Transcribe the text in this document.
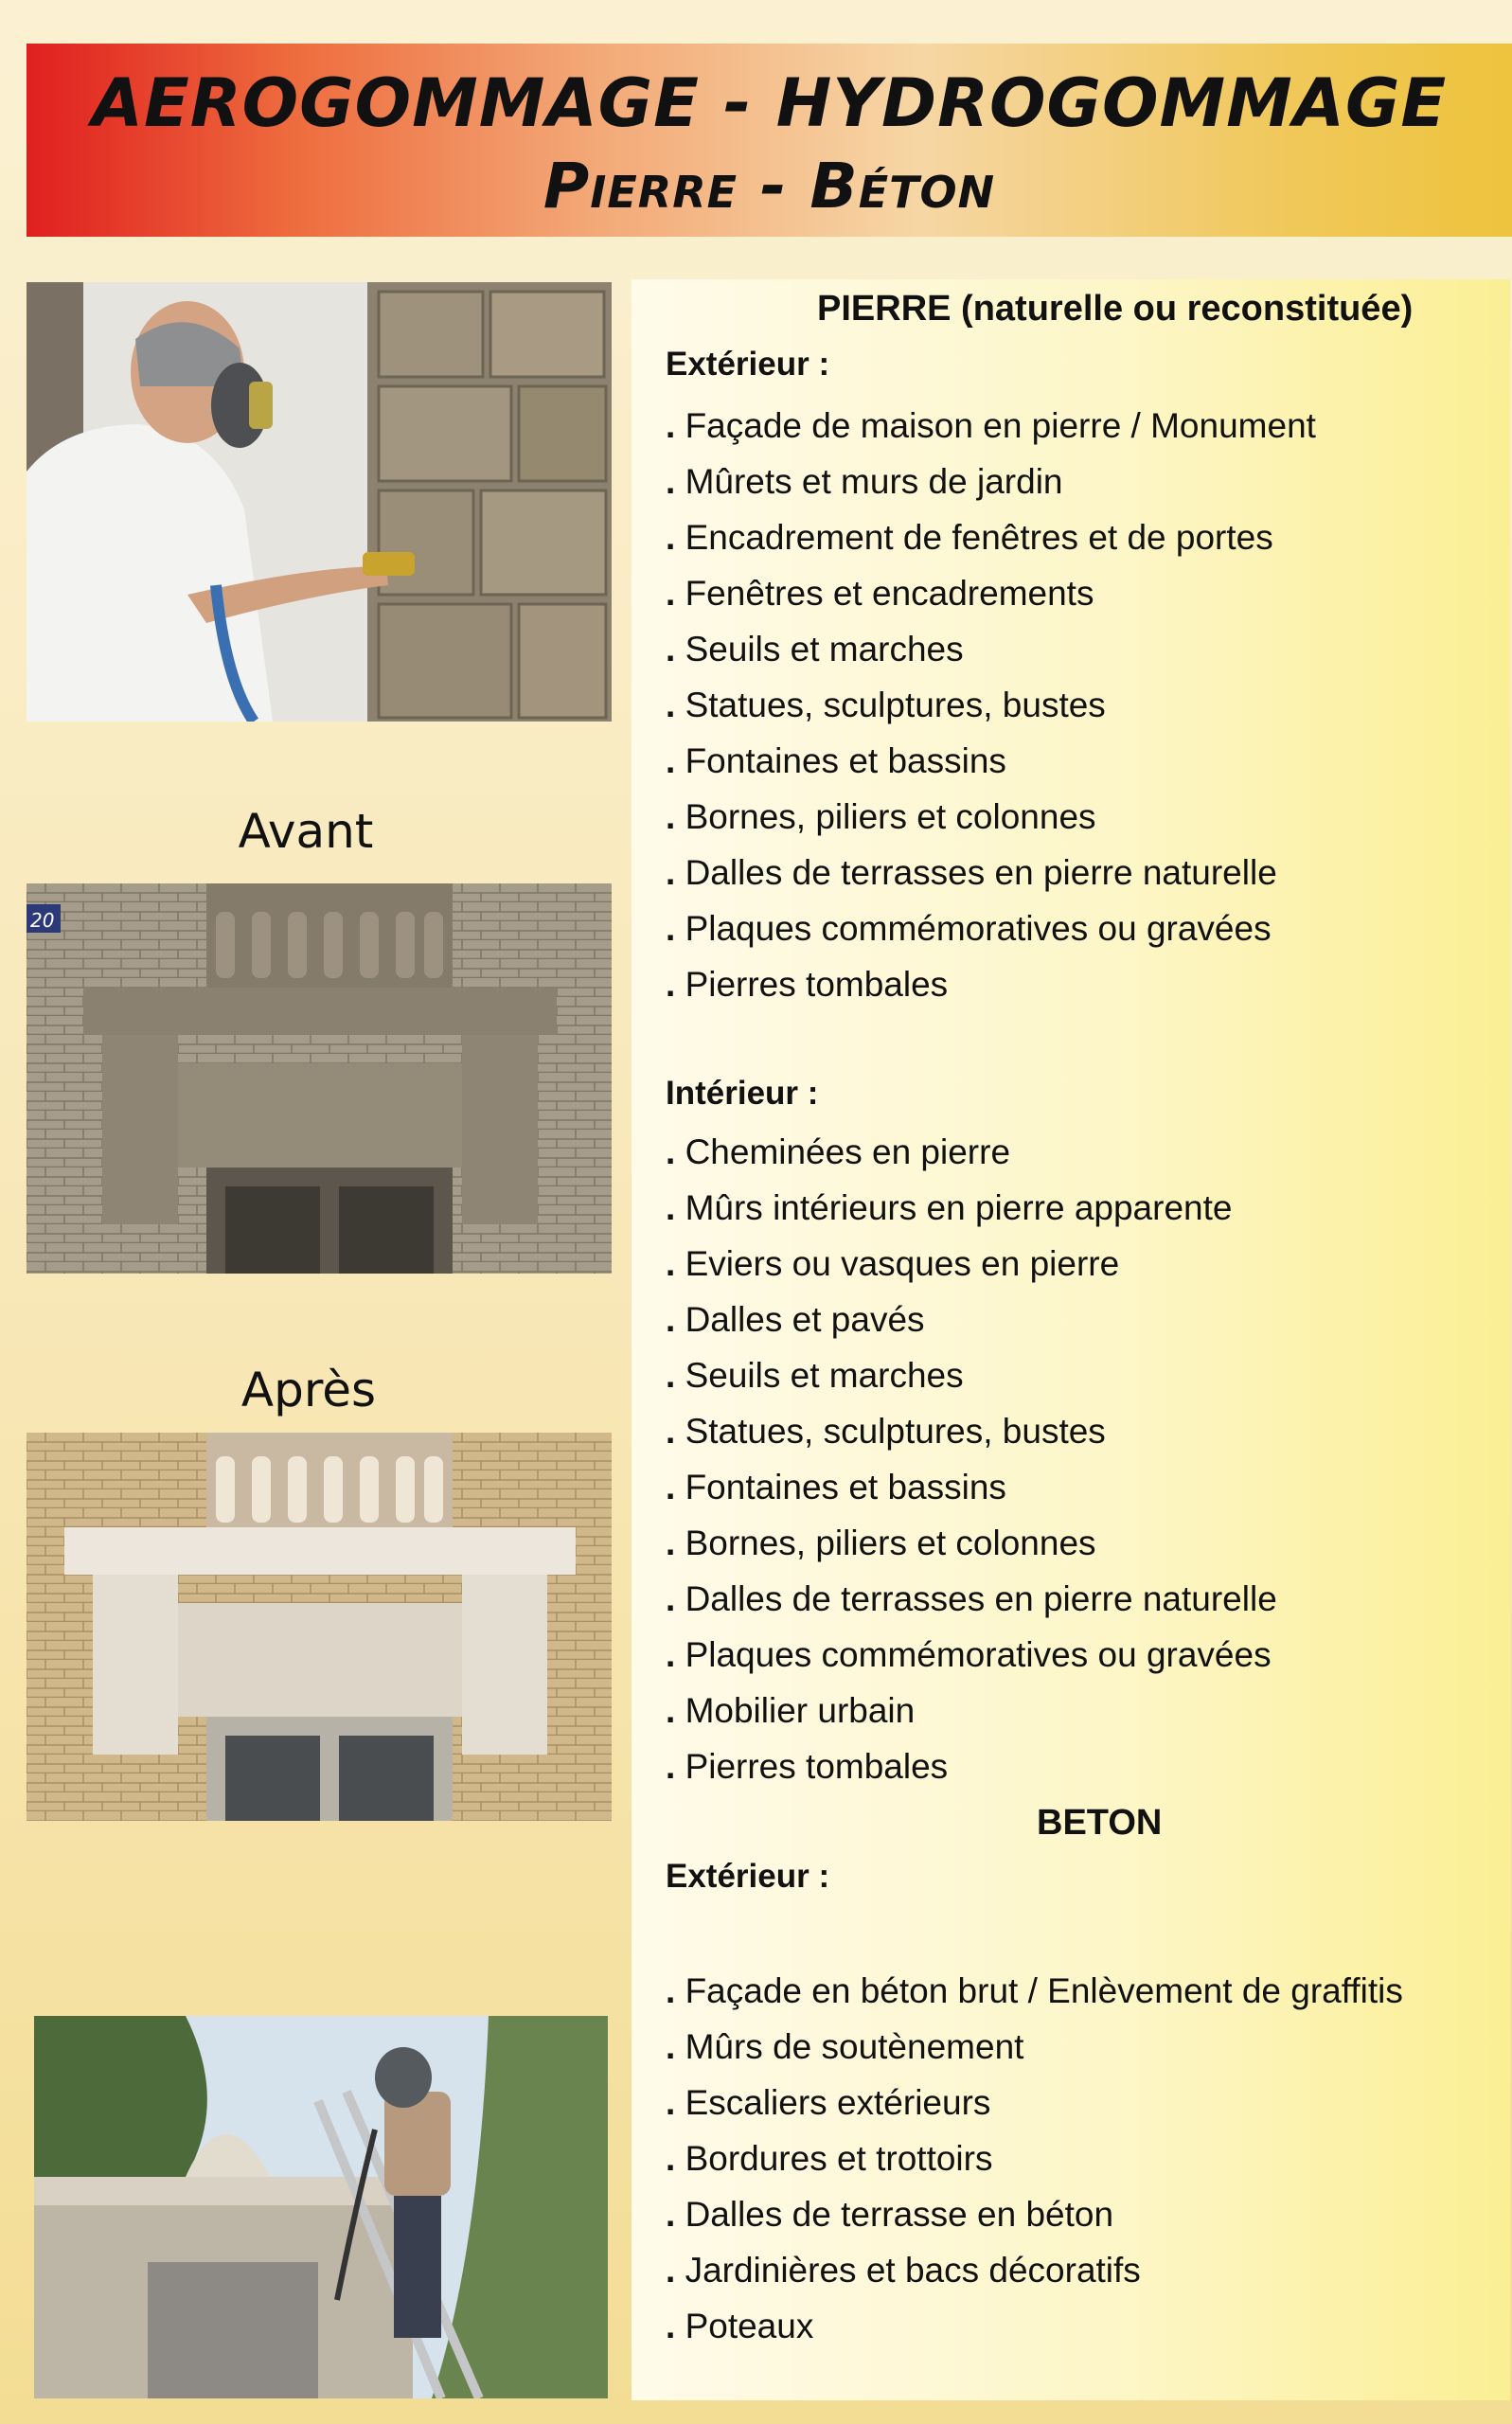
AEROGOMMAGE - HYDROGOMMAGE
Pierre - Béton
Avant
20
Après
PIERRE (naturelle ou reconstituée)
Extérieur :
. Façade de maison en pierre / Monument
. Mûrets et murs de jardin
. Encadrement de fenêtres et de portes
. Fenêtres et encadrements
. Seuils et marches
. Statues, sculptures, bustes
. Fontaines et bassins
. Bornes, piliers et colonnes
. Dalles de terrasses en pierre naturelle
. Plaques commémoratives ou gravées
. Pierres tombales
Intérieur :
. Cheminées en pierre
. Mûrs intérieurs en pierre apparente
. Eviers ou vasques en pierre
. Dalles et pavés
. Seuils et marches
. Statues, sculptures, bustes
. Fontaines et bassins
. Bornes, piliers et colonnes
. Dalles de terrasses en pierre naturelle
. Plaques commémoratives ou gravées
. Mobilier urbain
. Pierres tombales
BETON
Extérieur :
. Façade en béton brut / Enlèvement de graffitis
. Mûrs de soutènement
. Escaliers extérieurs
. Bordures et trottoirs
. Dalles de terrasse en béton
. Jardinières et bacs décoratifs
. Poteaux
